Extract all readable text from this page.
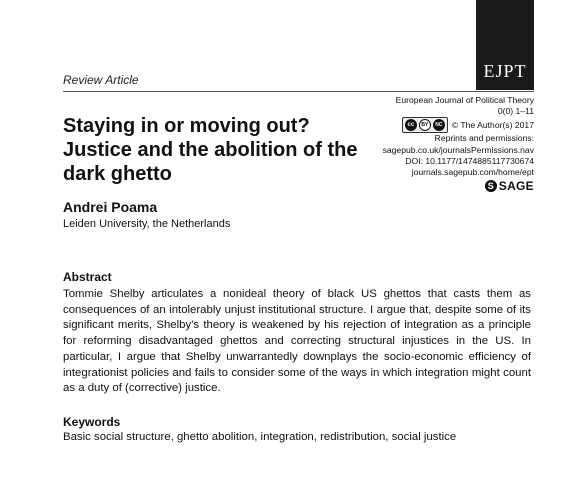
EJPT
Review Article
Staying in or moving out? Justice and the abolition of the dark ghetto
European Journal of Political Theory
0(0) 1–11
cc	BY	NC © The Author(s) 2017
Reprints and permissions:
sagepub.co.uk/journalsPermissions.nav
DOI: 10.1177/1474885117730674
journals.sagepub.com/home/ept
S SAGE
Andrei Poama
Leiden University, the Netherlands
Abstract

Tommie Shelby articulates a nonideal theory of black US ghettos that casts them as consequences of an intolerably unjust institutional structure. I argue that, despite some of its significant merits, Shelby's theory is weakened by his rejection of integration as a principle for reforming disadvantaged ghettos and correcting structural injustices in the US. In particular, I argue that Shelby unwarrantedly downplays the socio-economic efficiency of integrationist policies and fails to consider some of the ways in which integration might count as a duty of (corrective) justice.

Keywords
Basic social structure, ghetto abolition, integration, redistribution, social justice
